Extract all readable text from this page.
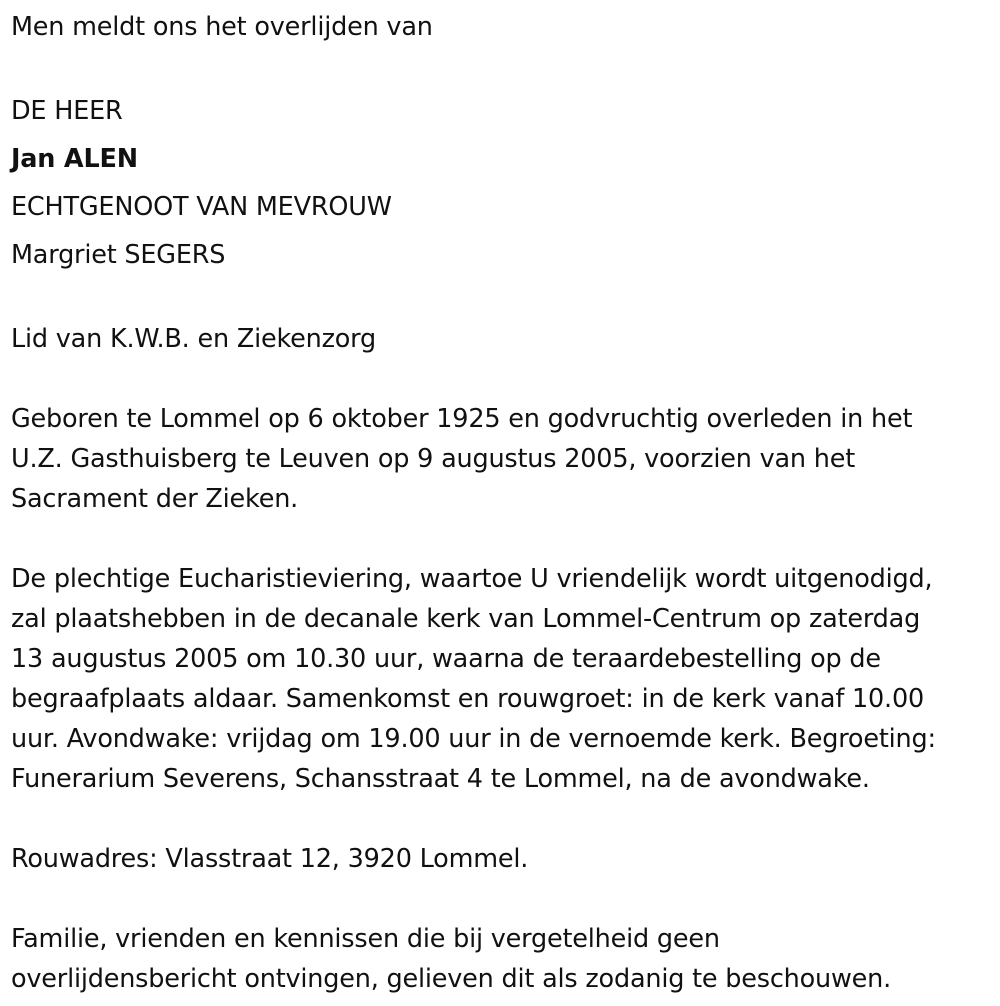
Men meldt ons het overlijden van

DE HEER

Jan ALEN

ECHTGENOOT VAN MEVROUW

Margriet SEGERS

Lid van K.W.B. en Ziekenzorg

Geboren te Lommel op 6 oktober 1925 en godvruchtig overleden in het

U.Z. Gasthuisberg te Leuven op 9 augustus 2005, voorzien van het

Sacrament der Zieken.

De plechtige Eucharistieviering, waartoe U vriendelijk wordt uitgenodigd,

zal plaatshebben in de decanale kerk van Lommel-Centrum op zaterdag

13 augustus 2005 om 10.30 uur, waarna de teraardebestelling op de

begraafplaats aldaar. Samenkomst en rouwgroet: in de kerk vanaf 10.00

uur. Avondwake: vrijdag om 19.00 uur in de vernoemde kerk. Begroeting:

Funerarium Severens, Schansstraat 4 te Lommel, na de avondwake.

Rouwadres: Vlasstraat 12, 3920 Lommel.

Familie, vrienden en kennissen die bij vergetelheid geen

overlijdensbericht ontvingen, gelieven dit als zodanig te beschouwen.
